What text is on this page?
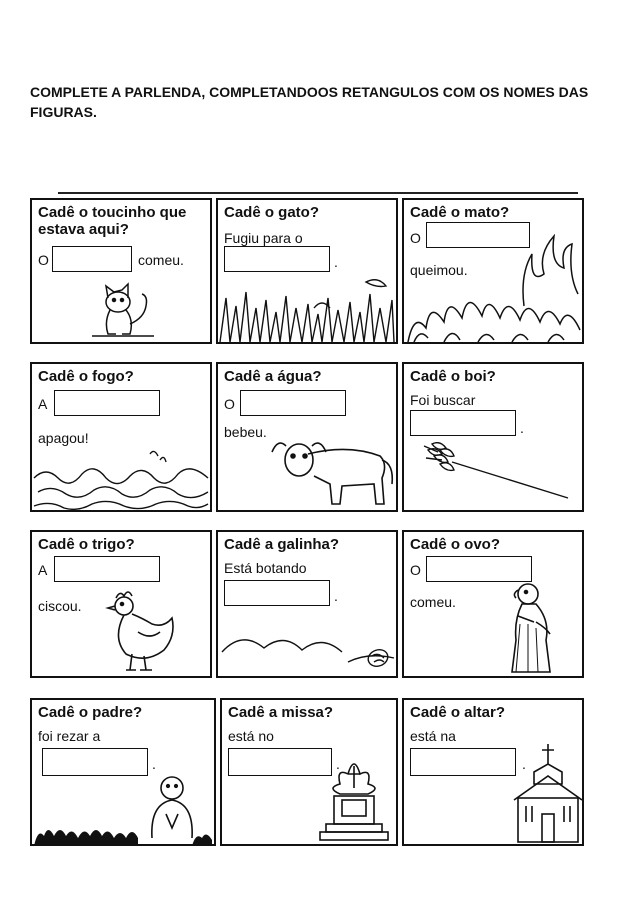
COMPLETE A PARLENDA, COMPLETANDOOS RETANGULOS COM OS NOMES DAS FIGURAS.
Cadê o toucinho que estava aqui?
O	comeu.
Cadê o gato?
Fugiu para o
.
Cadê o mato?
O
queimou.
Cadê o fogo?
A
apagou!
Cadê a água?
O
bebeu.
Cadê o boi?
Foi buscar
.
Cadê o trigo?
A
ciscou.
Cadê a galinha?
Está botando
.
Cadê o ovo?
O
comeu.
Cadê o padre?
foi rezar a
.
Cadê a missa?
está no
.
Cadê o altar?
está na
.
